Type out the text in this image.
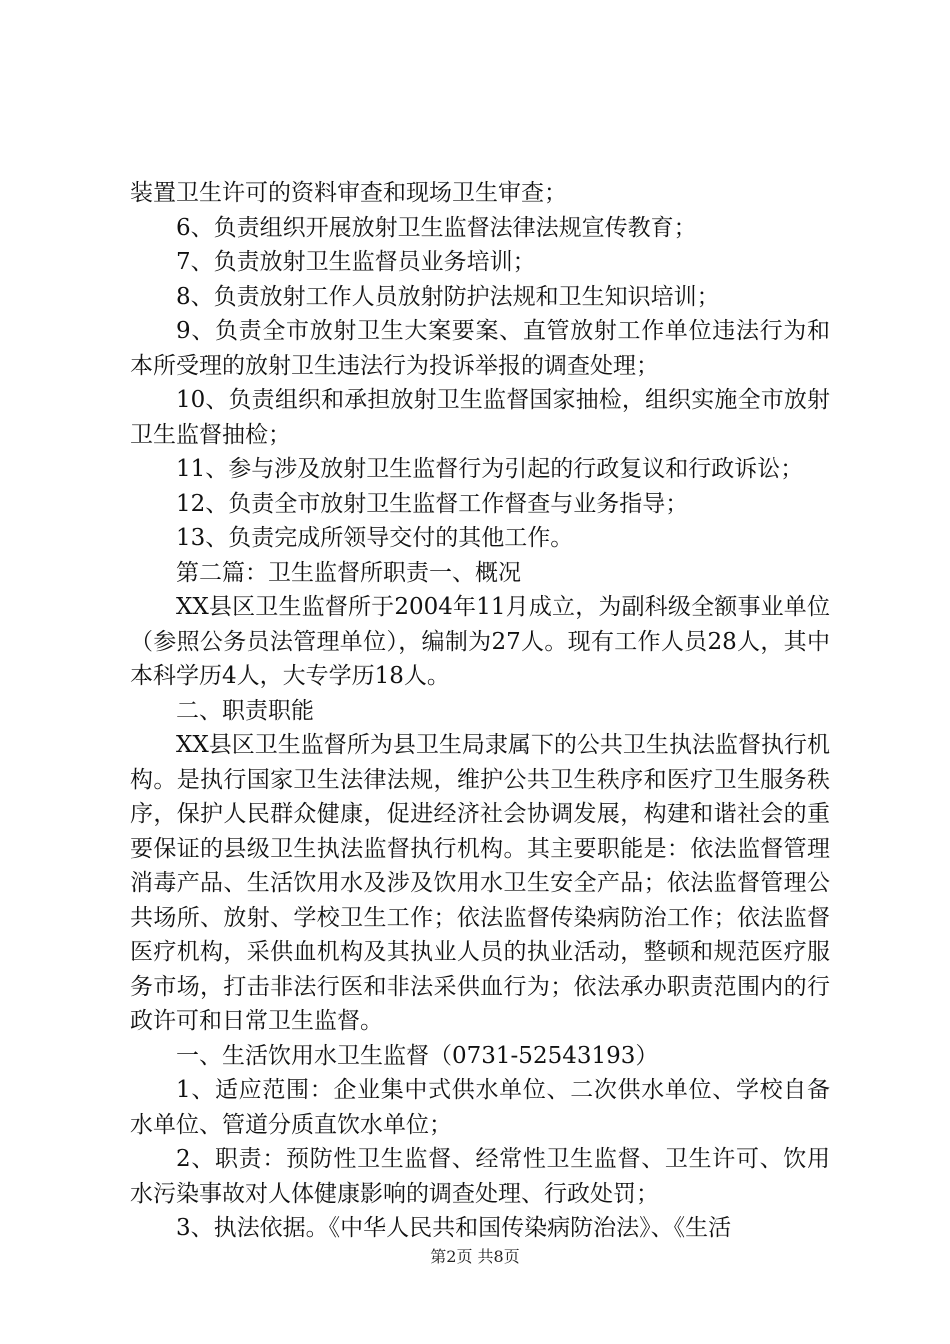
装置卫生许可的资料审查和现场卫生审查；

6、负责组织开展放射卫生监督法律法规宣传教育；

7、负责放射卫生监督员业务培训；

8、负责放射工作人员放射防护法规和卫生知识培训；

9、负责全市放射卫生大案要案、直管放射工作单位违法行为和本所受理的放射卫生违法行为投诉举报的调查处理；

10、负责组织和承担放射卫生监督国家抽检，组织实施全市放射卫生监督抽检；

11、参与涉及放射卫生监督行为引起的行政复议和行政诉讼；

12、负责全市放射卫生监督工作督查与业务指导；

13、负责完成所领导交付的其他工作。

第二篇：卫生监督所职责一、概况

XX县区卫生监督所于2004年11月成立，为副科级全额事业单位（参照公务员法管理单位），编制为27人。现有工作人员28人，其中本科学历4人，大专学历18人。

二、职责职能

XX县区卫生监督所为县卫生局隶属下的公共卫生执法监督执行机构。是执行国家卫生法律法规，维护公共卫生秩序和医疗卫生服务秩序，保护人民群众健康，促进经济社会协调发展，构建和谐社会的重要保证的县级卫生执法监督执行机构。其主要职能是：依法监督管理消毒产品、生活饮用水及涉及饮用水卫生安全产品；依法监督管理公共场所、放射、学校卫生工作；依法监督传染病防治工作；依法监督医疗机构，采供血机构及其执业人员的执业活动，整顿和规范医疗服务市场，打击非法行医和非法采供血行为；依法承办职责范围内的行政许可和日常卫生监督。

一、生活饮用水卫生监督（0731-52543193）

1、适应范围：企业集中式供水单位、二次供水单位、学校自备水单位、管道分质直饮水单位；

2、职责：预防性卫生监督、经常性卫生监督、卫生许可、饮用水污染事故对人体健康影响的调查处理、行政处罚；

3、执法依据。《中华人民共和国传染病防治法》、《生活

第2页 共8页
